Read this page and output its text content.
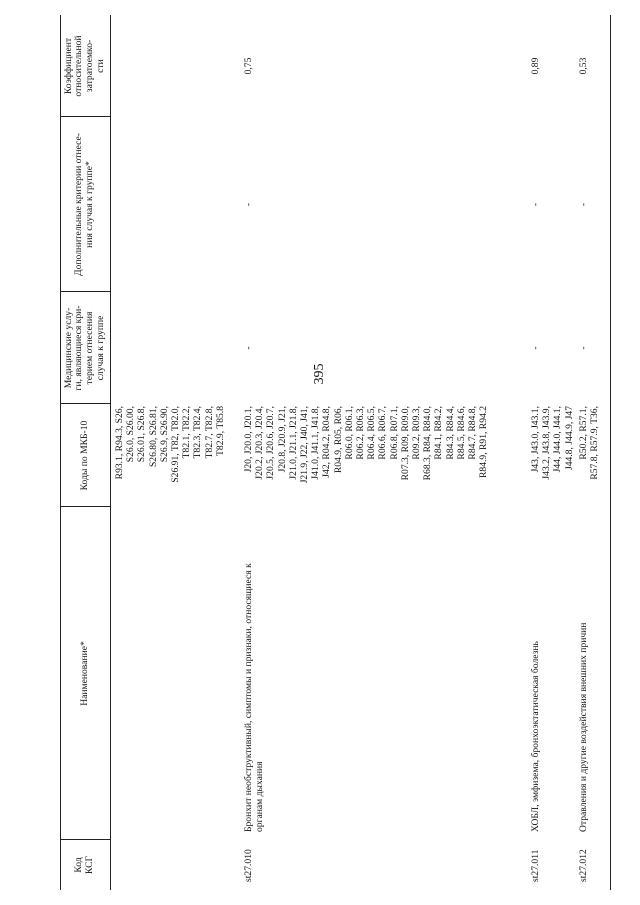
395
Код
КСГ
Наименование*
Коды по МКБ-10
Медицинские услу-
ги, являющиеся кри-
терием отнесения
случая к группе
Дополнительные критерии отнесе-
ния случая к группе*
Коэффициент
относительной
затратоемко-
сти
R93.1, R94.3, S26,
S26.0, S26.00,
S26.01, S26.8,
S26.80, S26.81,
S26.9, S26.90,
S26.91, T82, T82.0,
T82.1, T82.2,
T82.3, T82.4,
T82.7, T82.8,
T82.9, T85.8
st27.010
Бронхит необструктивный, симптомы и признаки, относящиеся к
органам дыхания
J20, J20.0, J20.1,
J20.2, J20.3, J20.4,
J20.5, J20.6, J20.7,
J20.8, J20.9, J21,
J21.0, J21.1, J21.8,
J21.9, J22, J40, J41,
J41.0, J41.1, J41.8,
J42, R04.2, R04.8,
R04.9, R05, R06,
R06.0, R06.1,
R06.2, R06.3,
R06.4, R06.5,
R06.6, R06.7,
R06.8, R07.1,
R07.3, R09, R09.0,
R09.2, R09.3,
R68.3, R84, R84.0,
R84.1, R84.2,
R84.3, R84.4,
R84.5, R84.6,
R84.7, R84.8,
R84.9, R91, R94.2
-
-
0,75
st27.011
ХОБЛ, эмфизема, бронхоэктатическая болезнь
J43, J43.0, J43.1,
J43.2, J43.8, J43.9,
J44, J44.0, J44.1,
J44.8, J44.9, J47
-
-
0,89
st27.012
Отравления и другие воздействия внешних причин
R50.2, R57.1,
R57.8, R57.9, T36,
-
-
0,53
